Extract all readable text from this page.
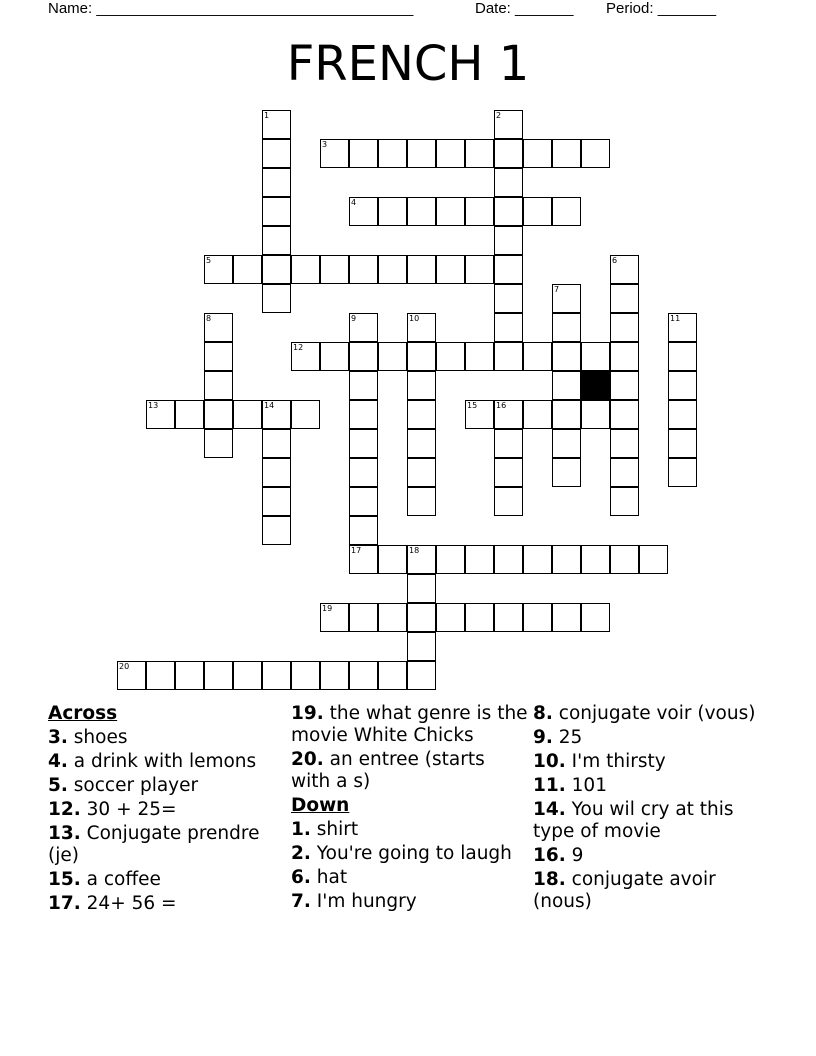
Name: ______________________________________	Date: _______ Period: _______
FRENCH 1
1	2
3
4
5	6
7
8	9
17
10	11
12
13	14	15 16
18
19
20
Across
3. shoes
4. a drink with lemons
5. soccer player
12. 30 + 25=
13. Conjugate prendre (je)
15. a coffee
17. 24+ 56 =
19. the what genre is the movie White Chicks
20. an entree (starts with a s)
Down
1. shirt
2. You're going to laugh
6. hat
7. I'm hungry
8. conjugate voir (vous)
9. 25
10. I'm thirsty
11. 101
14. You wil cry at this type of movie
16. 9
18. conjugate avoir (nous)
